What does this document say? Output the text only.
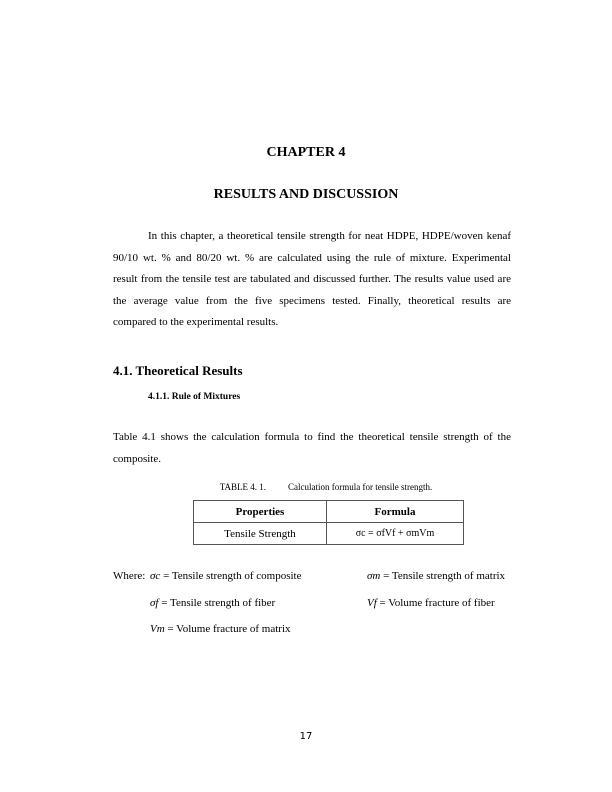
CHAPTER 4
RESULTS AND DISCUSSION
In this chapter, a theoretical tensile strength for neat HDPE, HDPE/woven kenaf
90/10 wt. % and 80/20 wt. % are calculated using the rule of mixture. Experimental
result from the tensile test are tabulated and discussed further. The results value used are
the average value from the five specimens tested. Finally, theoretical results are
compared to the experimental results.
4.1. Theoretical Results
4.1.1. Rule of Mixtures
Table 4.1 shows the calculation formula to find the theoretical tensile strength of the
composite.
TABLE 4. 1. Calculation formula for tensile strength.
Properties	Formula
Tensile Strength	σc = σfVf + σmVm
Where: σc = Tensile strength of composite	σm = Tensile strength of matrix
σf = Tensile strength of fiber	Vf = Volume fracture of fiber
Vm = Volume fracture of matrix
17
